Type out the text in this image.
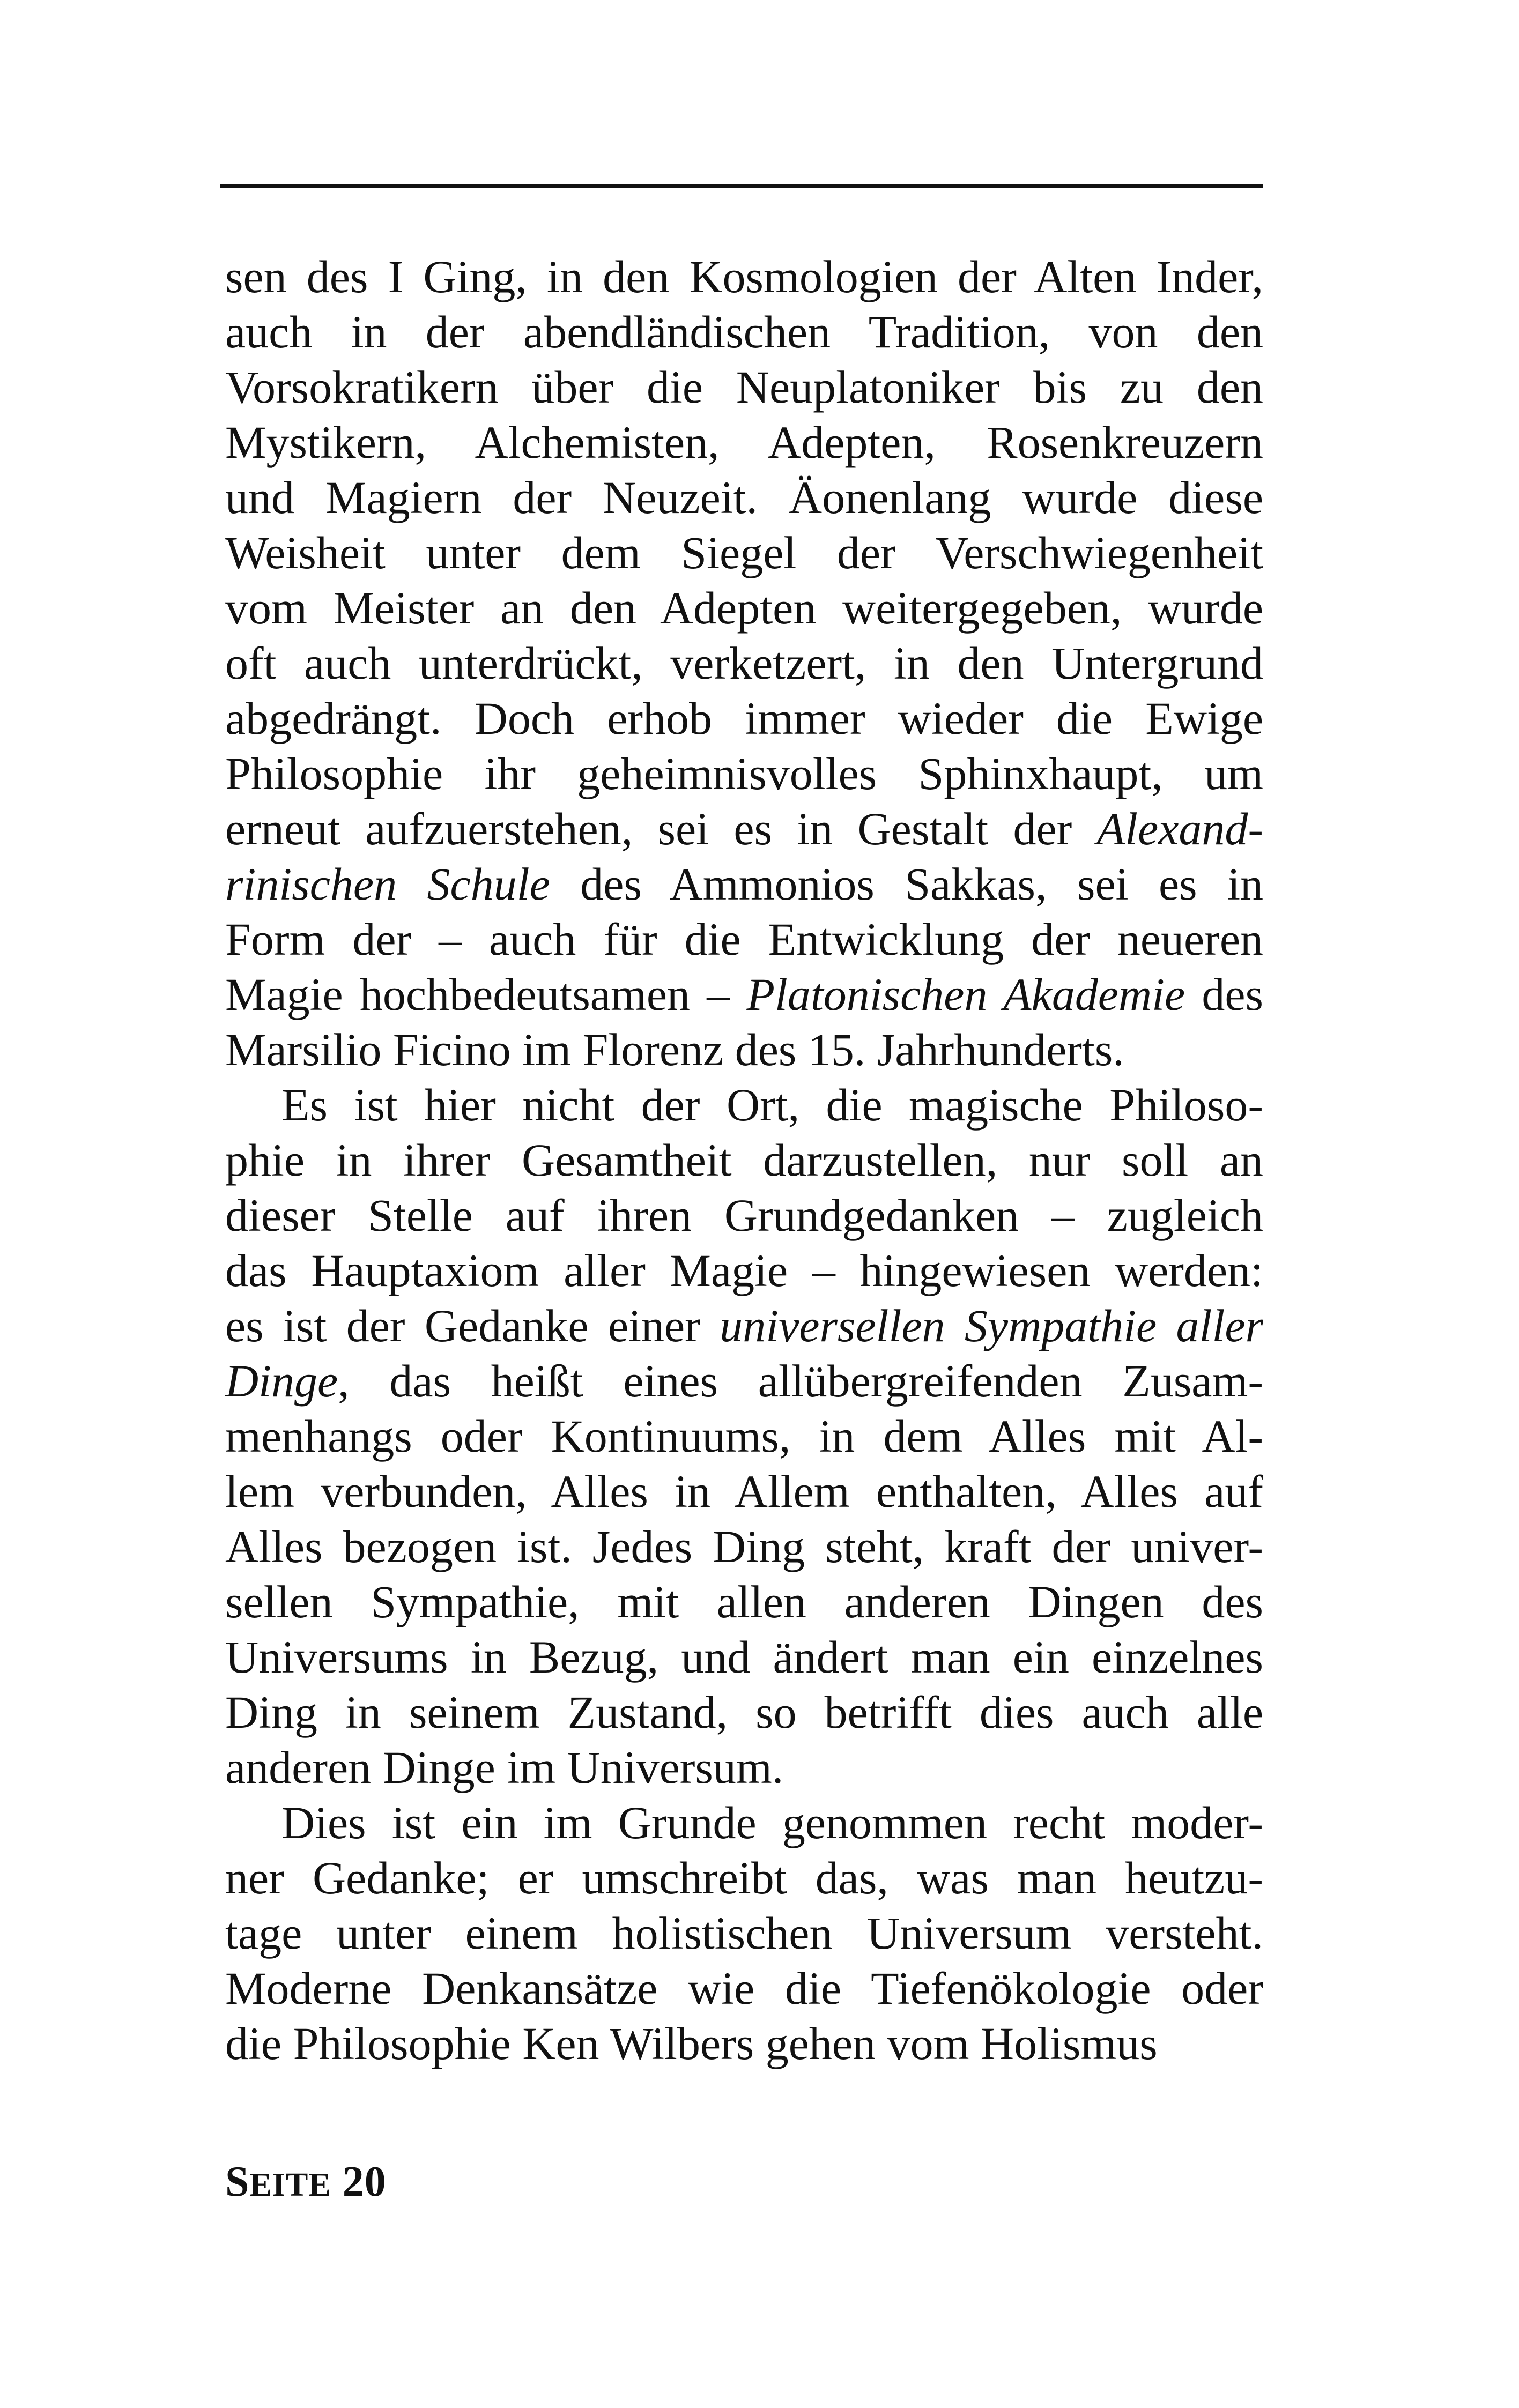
sen des I Ging, in den Kosmologien der Alten Inder,
auch in der abendländischen Tradition, von den
Vorsokratikern über die Neuplatoniker bis zu den
Mystikern, Alchemisten, Adepten, Rosenkreuzern
und Magiern der Neuzeit. Äonenlang wurde diese
Weisheit unter dem Siegel der Verschwiegenheit
vom Meister an den Adepten weitergegeben, wurde
oft auch unterdrückt, verketzert, in den Untergrund
abgedrängt. Doch erhob immer wieder die Ewige
Philosophie ihr geheimnisvolles Sphinxhaupt, um
erneut aufzuerstehen, sei es in Gestalt der Alexand-
rinischen Schule des Ammonios Sakkas, sei es in
Form der – auch für die Entwicklung der neueren
Magie hochbedeutsamen – Platonischen Akademie des
Marsilio Ficino im Florenz des 15. Jahrhunderts.
Es ist hier nicht der Ort, die magische Philoso-
phie in ihrer Gesamtheit darzustellen, nur soll an
dieser Stelle auf ihren Grundgedanken – zugleich
das Hauptaxiom aller Magie – hingewiesen werden:
es ist der Gedanke einer universellen Sympathie aller
Dinge, das heißt eines allübergreifenden Zusam-
menhangs oder Kontinuums, in dem Alles mit Al-
lem verbunden, Alles in Allem enthalten, Alles auf
Alles bezogen ist. Jedes Ding steht, kraft der univer-
sellen Sympathie, mit allen anderen Dingen des
Universums in Bezug, und ändert man ein einzelnes
Ding in seinem Zustand, so betrifft dies auch alle
anderen Dinge im Universum.
Dies ist ein im Grunde genommen recht moder-
ner Gedanke; er umschreibt das, was man heutzu-
tage unter einem holistischen Universum versteht.
Moderne Denkansätze wie die Tiefenökologie oder
die Philosophie Ken Wilbers gehen vom Holismus
SEITE 20
